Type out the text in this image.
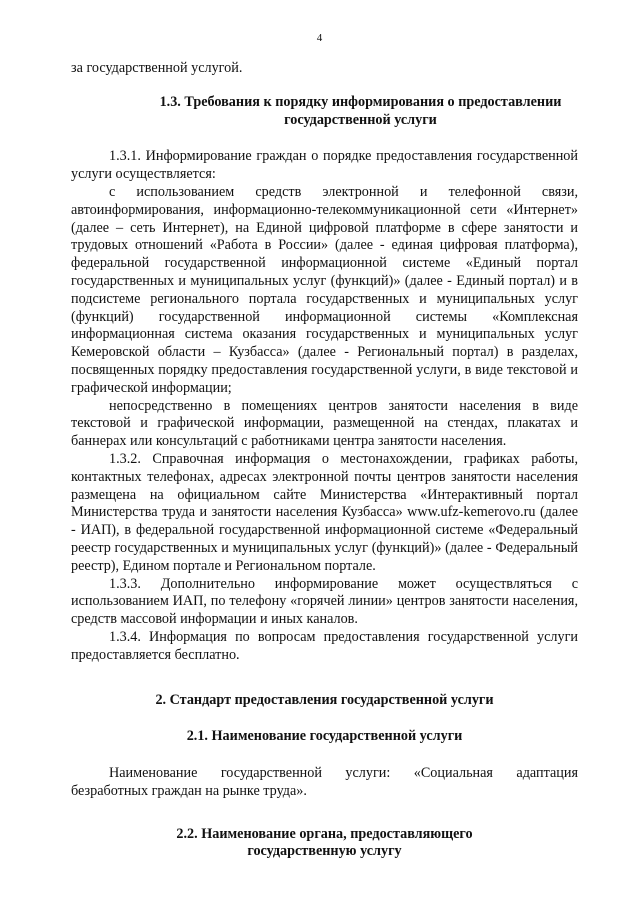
4

за государственной услугой.

1.3. Требования к порядку информирования о предоставлении
государственной услуги

1.3.1. Информирование граждан о порядке предоставления государственной услуги осуществляется:

с использованием средств электронной и телефонной связи, автоинформирования, информационно-телекоммуникационной сети «Интернет» (далее – сеть Интернет), на Единой цифровой платформе в сфере занятости и трудовых отношений «Работа в России» (далее - единая цифровая платформа), федеральной государственной информационной системе «Единый портал государственных и муниципальных услуг (функций)» (далее - Единый портал) и в подсистеме регионального портала государственных и муниципальных услуг (функций) государственной информационной системы «Комплексная информационная система оказания государственных и муниципальных услуг Кемеровской области – Кузбасса» (далее - Региональный портал) в разделах, посвященных порядку предоставления государственной услуги, в виде текстовой и графической информации;

непосредственно в помещениях центров занятости населения в виде текстовой и графической информации, размещенной на стендах, плакатах и баннерах или консультаций с работниками центра занятости населения.

1.3.2. Справочная информация о местонахождении, графиках работы, контактных телефонах, адресах электронной почты центров занятости населения размещена на официальном сайте Министерства «Интерактивный портал Министерства труда и занятости населения Кузбасса» www.ufz-kemerovo.ru (далее - ИАП), в федеральной государственной информационной системе «Федеральный реестр государственных и муниципальных услуг (функций)» (далее - Федеральный реестр), Едином портале и Региональном портале.

1.3.3. Дополнительно информирование может осуществляться с использованием ИАП, по телефону «горячей линии» центров занятости населения, средств массовой информации и иных каналов.

1.3.4. Информация по вопросам предоставления государственной услуги предоставляется бесплатно.

2. Стандарт предоставления государственной услуги

2.1. Наименование государственной услуги

Наименование государственной услуги: «Социальная адаптация безработных граждан на рынке труда».

2.2. Наименование органа, предоставляющего
государственную услугу
